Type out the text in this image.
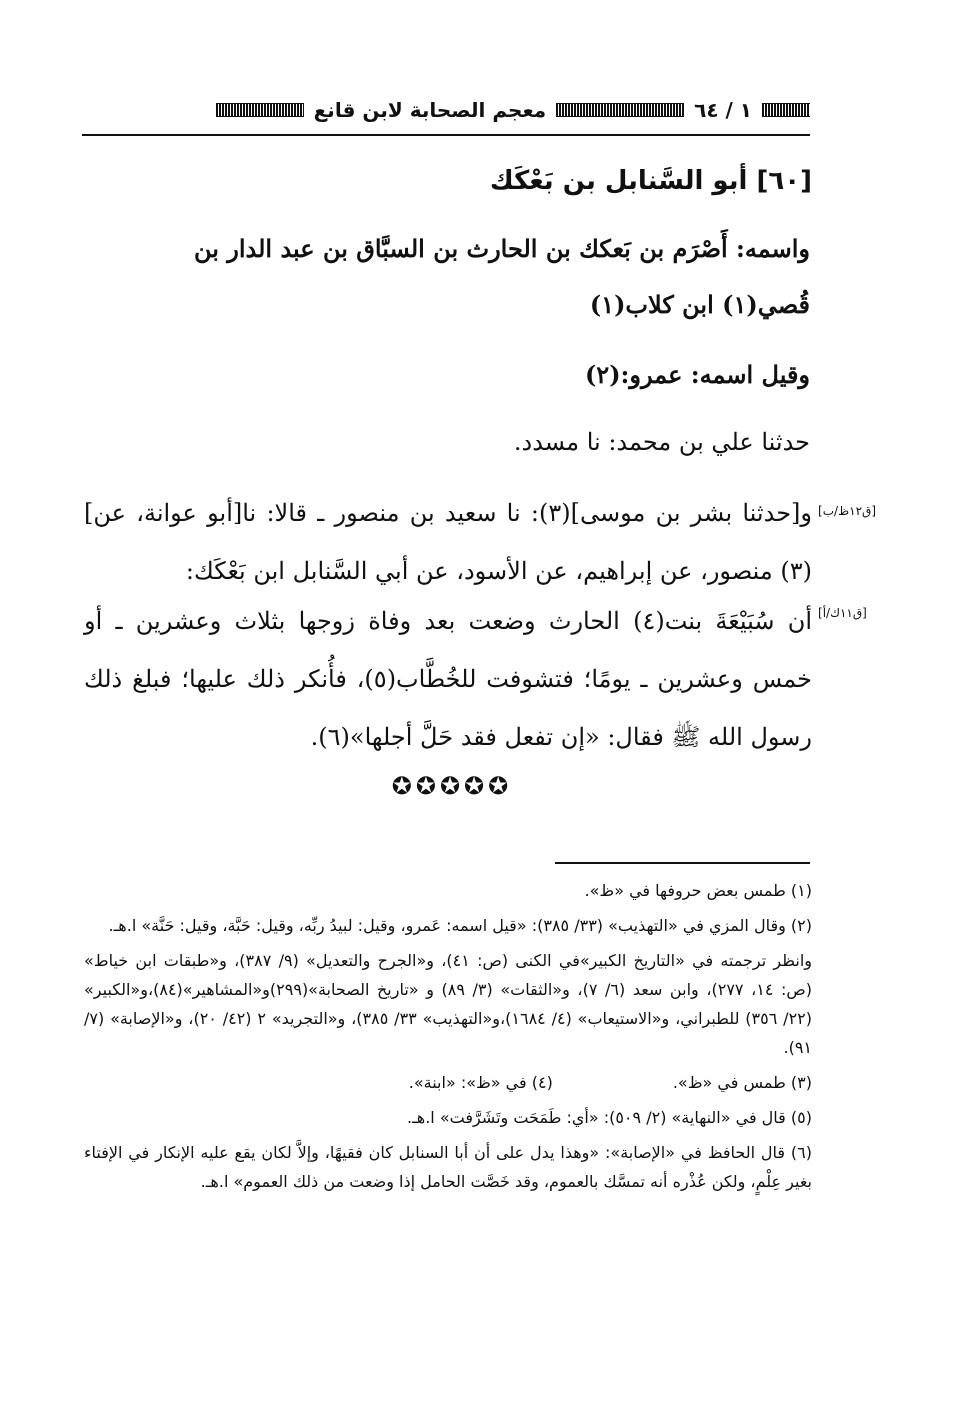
١ / ٦٤
معجم الصحابة لابن قانع
[٦٠] أبو السَّنابل بن بَعْكَك
واسمه: أَصْرَم بن بَعكك بن الحارث بن السبَّاق بن عبد الدار بن
قُصي(١) ابن كلاب(١)
وقيل اسمه: عمرو:(٢)
حدثنا علي بن محمد: نا مسدد.
[ق١٢ظ/ب]
و[حدثنا بشر بن موسى](٣): نا سعيد بن منصور ـ قالا: نا[أبو عوانة، عن](٣) منصور، عن إبراهيم، عن الأسود، عن أبي السَّنابل ابن بَعْكَك:
[ق١١ك/أ]
أن سُبَيْعَةَ بنت(٤) الحارث وضعت بعد وفاة زوجها بثلاث وعشرين ـ أو خمس وعشرين ـ يومًا؛ فتشوفت للخُطَّاب(٥)، فأُنكر ذلك عليها؛ فبلغ ذلك رسول الله ﷺ فقال: «إن تفعل فقد حَلَّ أجلها»(٦).
✪✪✪✪✪

(١) طمس بعض حروفها في «ظ».

(٢) وقال المزي في «التهذيب» (٣٣/ ٣٨٥): «قيل اسمه: عَمرو، وقيل: لبيدُ ربِّه، وقيل: حَبَّة، وقيل: حَنَّة» ا.هـ.

وانظر ترجمته في «التاريخ الكبير»في الكنى (ص: ٤١)، و«الجرح والتعديل» (٩/ ٣٨٧)، و«طبقات ابن خياط» (ص: ١٤، ٢٧٧)، وابن سعد (٦/ ٧)، و«الثقات» (٣/ ٨٩) و «تاريخ الصحابة»(٢٩٩)و«المشاهير»(٨٤)،و«الكبير» (٢٢/ ٣٥٦) للطبراني، و«الاستيعاب» (٤/ ١٦٨٤)،و«التهذيب» ٣٣/ ٣٨٥)، و«التجريد» ٢ (٤٢/ ٢٠)، و«الإصابة» (٧/ ٩١).

(٣) طمس في «ظ».
(٤) في «ظ»: «ابنة».

(٥) قال في «النهاية» (٢/ ٥٠٩): «أي: طَمَحَت وتَشَرَّفت» ا.هـ.

(٦) قال الحافظ في «الإصابة»: «وهذا يدل على أن أبا السنابل كان فقيهًا، وإلاَّ لكان يقع عليه الإنكار في الإفتاء بغير عِلْمٍ، ولكن عُذْره أنه تمسَّك بالعموم، وقد خَصَّت الحامل إذا وضعت من ذلك العموم» ا.هـ.
